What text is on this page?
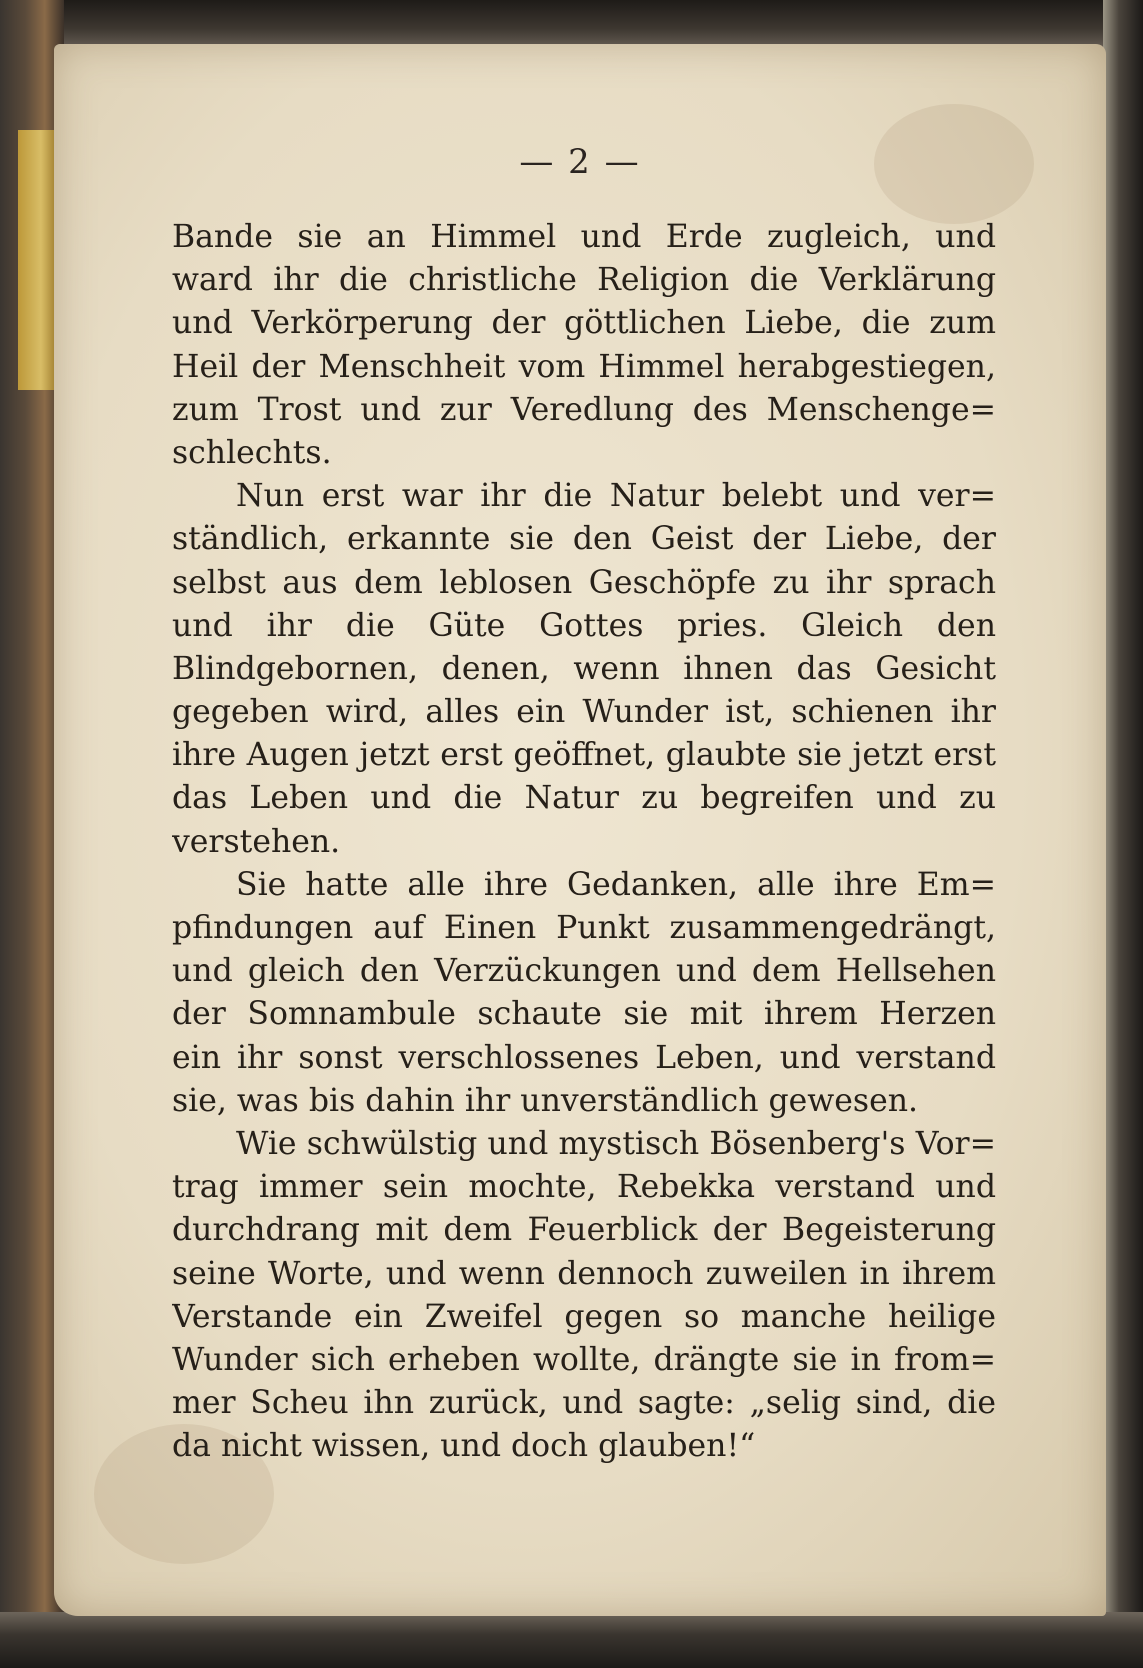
— 2 —
Bande sie an Himmel und Erde zugleich, und
ward ihr die christliche Religion die Verklärung
und Verkörperung der göttlichen Liebe, die zum
Heil der Menschheit vom Himmel herabgestiegen,
zum Trost und zur Veredlung des Menschenge=
schlechts.
Nun erst war ihr die Natur belebt und ver=
ständlich, erkannte sie den Geist der Liebe, der
selbst aus dem leblosen Geschöpfe zu ihr sprach
und ihr die Güte Gottes pries. Gleich den
Blindgebornen, denen, wenn ihnen das Gesicht
gegeben wird, alles ein Wunder ist, schienen ihr
ihre Augen jetzt erst geöffnet, glaubte sie jetzt erst
das Leben und die Natur zu begreifen und zu
verstehen.
Sie hatte alle ihre Gedanken, alle ihre Em=
pfindungen auf Einen Punkt zusammengedrängt,
und gleich den Verzückungen und dem Hellsehen
der Somnambule schaute sie mit ihrem Herzen
ein ihr sonst verschlossenes Leben, und verstand
sie, was bis dahin ihr unverständlich gewesen.
Wie schwülstig und mystisch Bösenberg's Vor=
trag immer sein mochte, Rebekka verstand und
durchdrang mit dem Feuerblick der Begeisterung
seine Worte, und wenn dennoch zuweilen in ihrem
Verstande ein Zweifel gegen so manche heilige
Wunder sich erheben wollte, drängte sie in from=
mer Scheu ihn zurück, und sagte: „selig sind, die
da nicht wissen, und doch glauben!“
